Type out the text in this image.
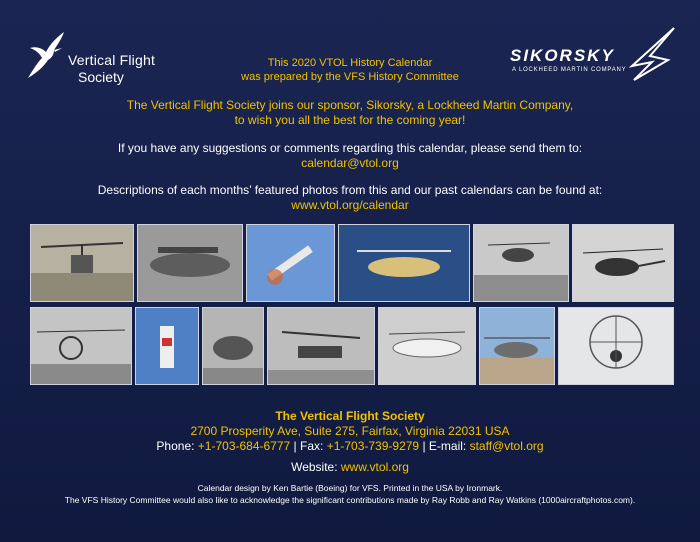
Vertical Flight
Society
SIKORSKY
A LOCKHEED MARTIN COMPANY
This 2020 VTOL History Calendar
was prepared by the VFS History Committee
The Vertical Flight Society joins our sponsor, Sikorsky, a Lockheed Martin Company,
to wish you all the best for the coming year!
If you have any suggestions or comments regarding this calendar, please send them to:
calendar@vtol.org
Descriptions of each months’ featured photos from this and our past calendars can be found at:
www.vtol.org/calendar
The Vertical Flight Society
2700 Prosperity Ave, Suite 275, Fairfax, Virginia 22031 USA
Phone: +1-703-684-6777 | Fax: +1-703-739-9279 | E-mail: staff@vtol.org
Website: www.vtol.org
Calendar design by Ken Bartie (Boeing) for VFS. Printed in the USA by Ironmark.
The VFS History Committee would also like to acknowledge the significant contributions made by Ray Robb and Ray Watkins (1000aircraftphotos.com).
